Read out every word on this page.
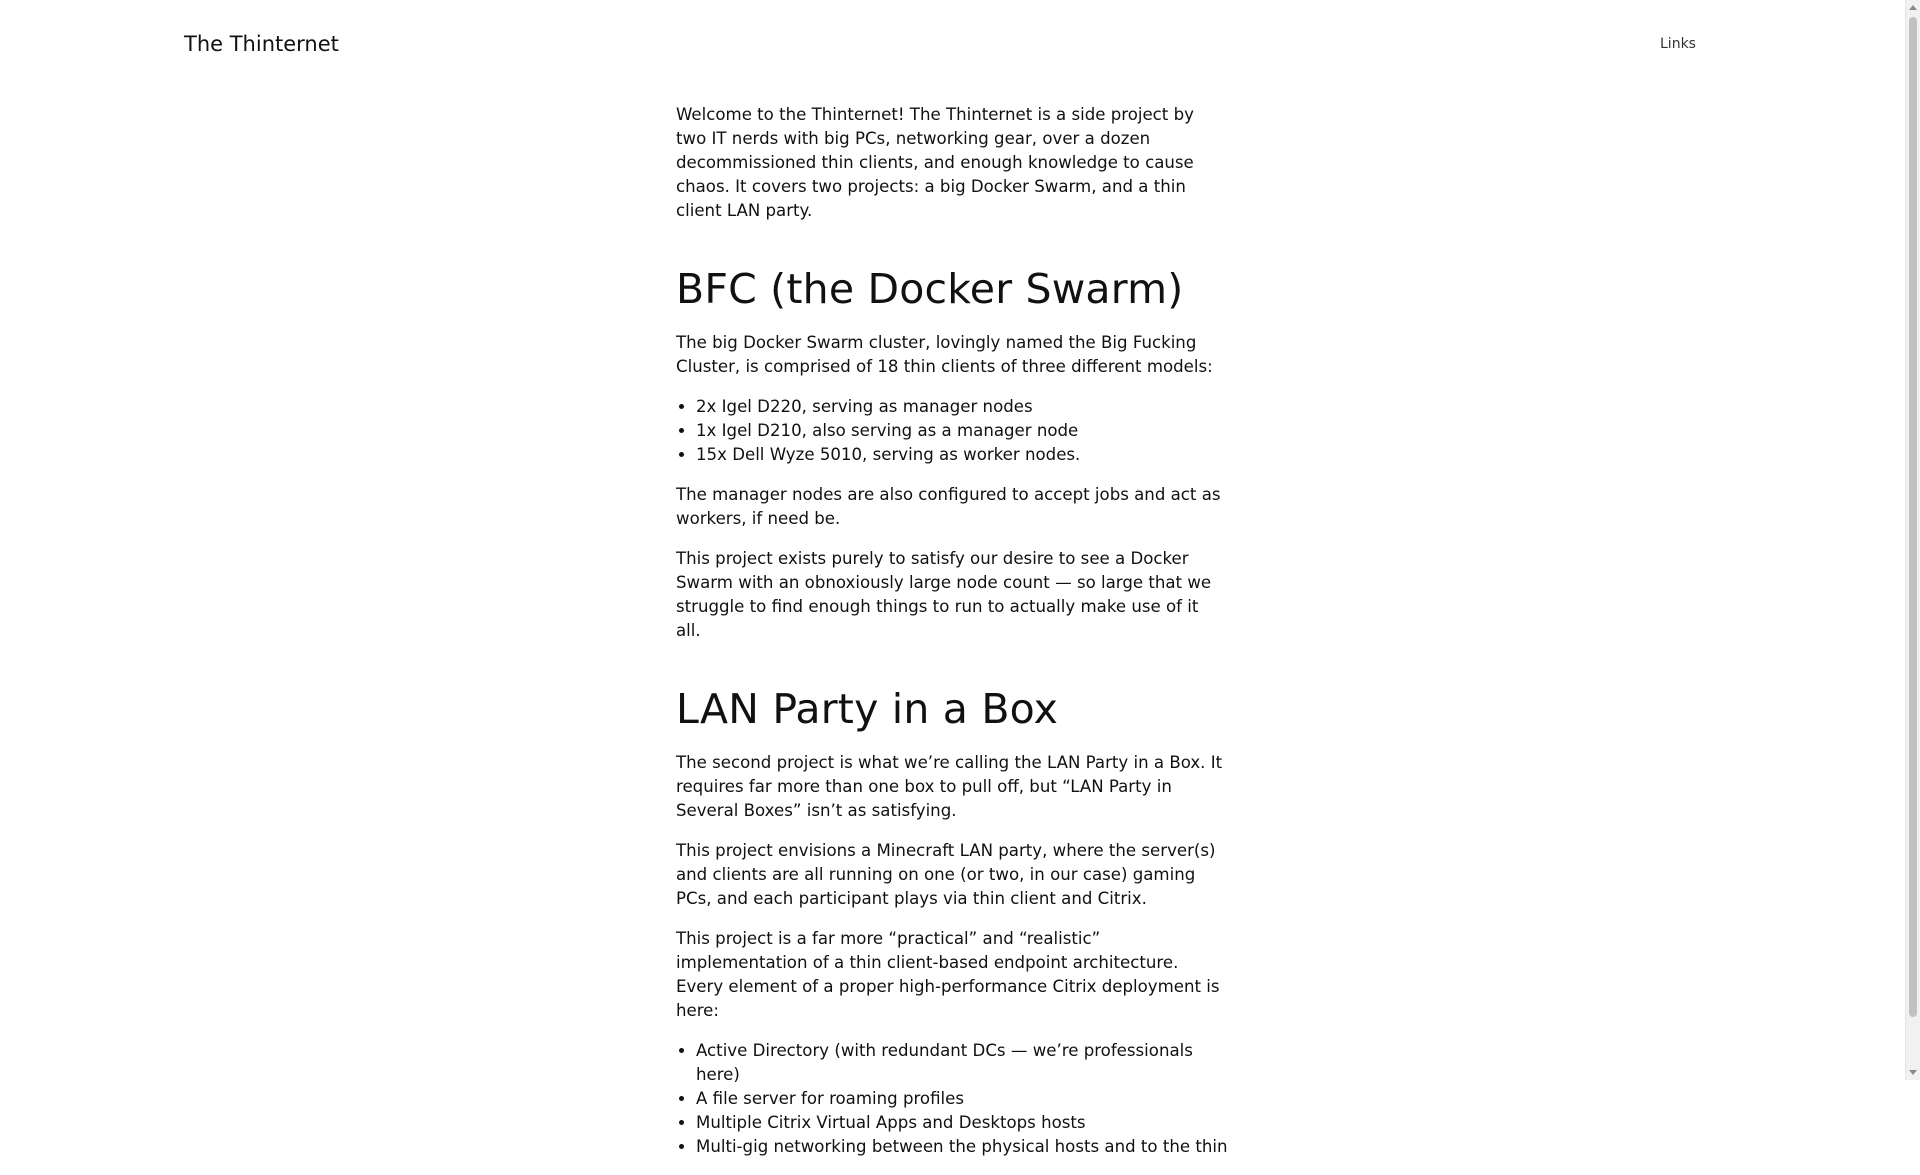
The Thinternet	Links

Welcome to the Thinternet! The Thinternet is a side project by two IT nerds with big PCs, networking gear, over a dozen decommissioned thin clients, and enough knowledge to cause chaos. It covers two projects: a big Docker Swarm, and a thin client LAN party.

BFC (the Docker Swarm)

The big Docker Swarm cluster, lovingly named the Big Fucking Cluster, is comprised of 18 thin clients of three different models:

• 2x Igel D220, serving as manager nodes
• 1x Igel D210, also serving as a manager node
• 15x Dell Wyze 5010, serving as worker nodes.

The manager nodes are also configured to accept jobs and act as workers, if need be.

This project exists purely to satisfy our desire to see a Docker Swarm with an obnoxiously large node count — so large that we struggle to find enough things to run to actually make use of it all.

LAN Party in a Box

The second project is what we’re calling the LAN Party in a Box. It requires far more than one box to pull off, but “LAN Party in Several Boxes” isn’t as satisfying.

This project envisions a Minecraft LAN party, where the server(s) and clients are all running on one (or two, in our case) gaming PCs, and each participant plays via thin client and Citrix.

This project is a far more “practical” and “realistic” implementation of a thin client-based endpoint architecture. Every element of a proper high-performance Citrix deployment is here:

• Active Directory (with redundant DCs — we’re professionals here)
• A file server for roaming profiles
• Multiple Citrix Virtual Apps and Desktops hosts
• Multi-gig networking between the physical hosts and to the thin
